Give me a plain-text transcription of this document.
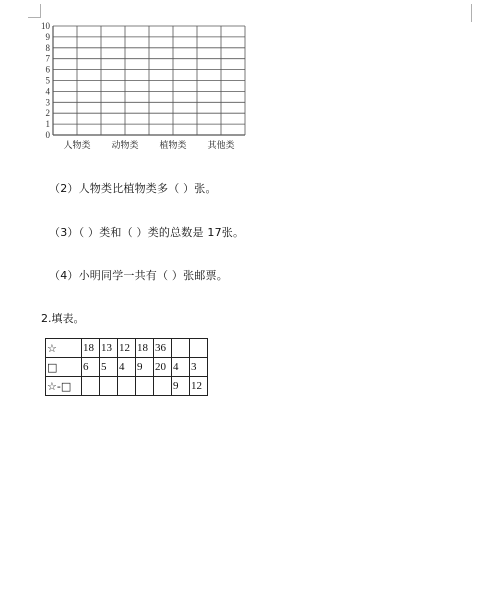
0
1
2
3
4
5
6
7
8
9
10
人物类 动物类 植物类 其他类
（2）人物类比植物类多（ ）张。
（3）（ ）类和（ ）类的总数是 17张。
（4）小明同学一共有（ ）张邮票。
2.填表。
☆	18	13	12	18	36		
□	6	5	4	9	20	4	3
☆-□						9	12
